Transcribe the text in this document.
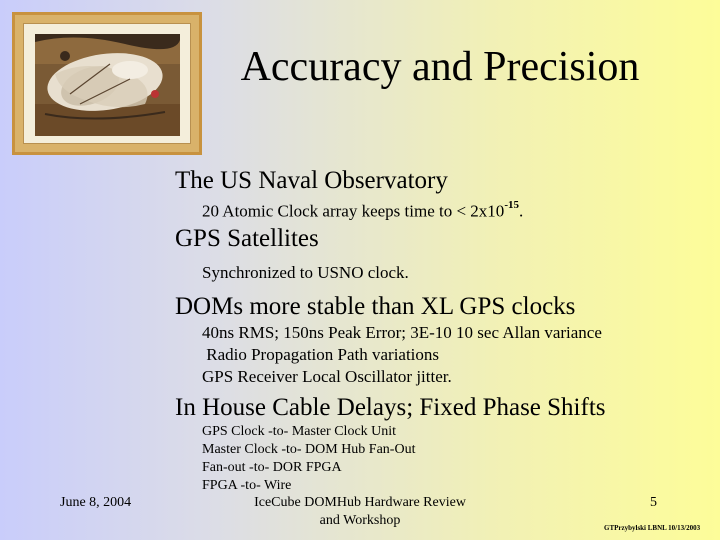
Accuracy and Precision
The US Naval Observatory
20 Atomic Clock array keeps time to < $2x10^{-15}$.
GPS Satellites
Synchronized to USNO clock.
DOMs more stable than XL GPS clocks
40ns RMS; 150ns Peak Error; 3E-10 10 sec Allan variance
Radio Propagation Path variations
GPS Receiver Local Oscillator jitter.
In House Cable Delays; Fixed Phase Shifts
GPS Clock -to- Master Clock Unit
Master Clock -to- DOM Hub Fan-Out
Fan-out -to- DOR FPGA
FPGA -to- Wire
June 8, 2004	IceCube DOMHub Hardware Review
and Workshop
5
GTPrzybylski LBNL 10/13/2003
